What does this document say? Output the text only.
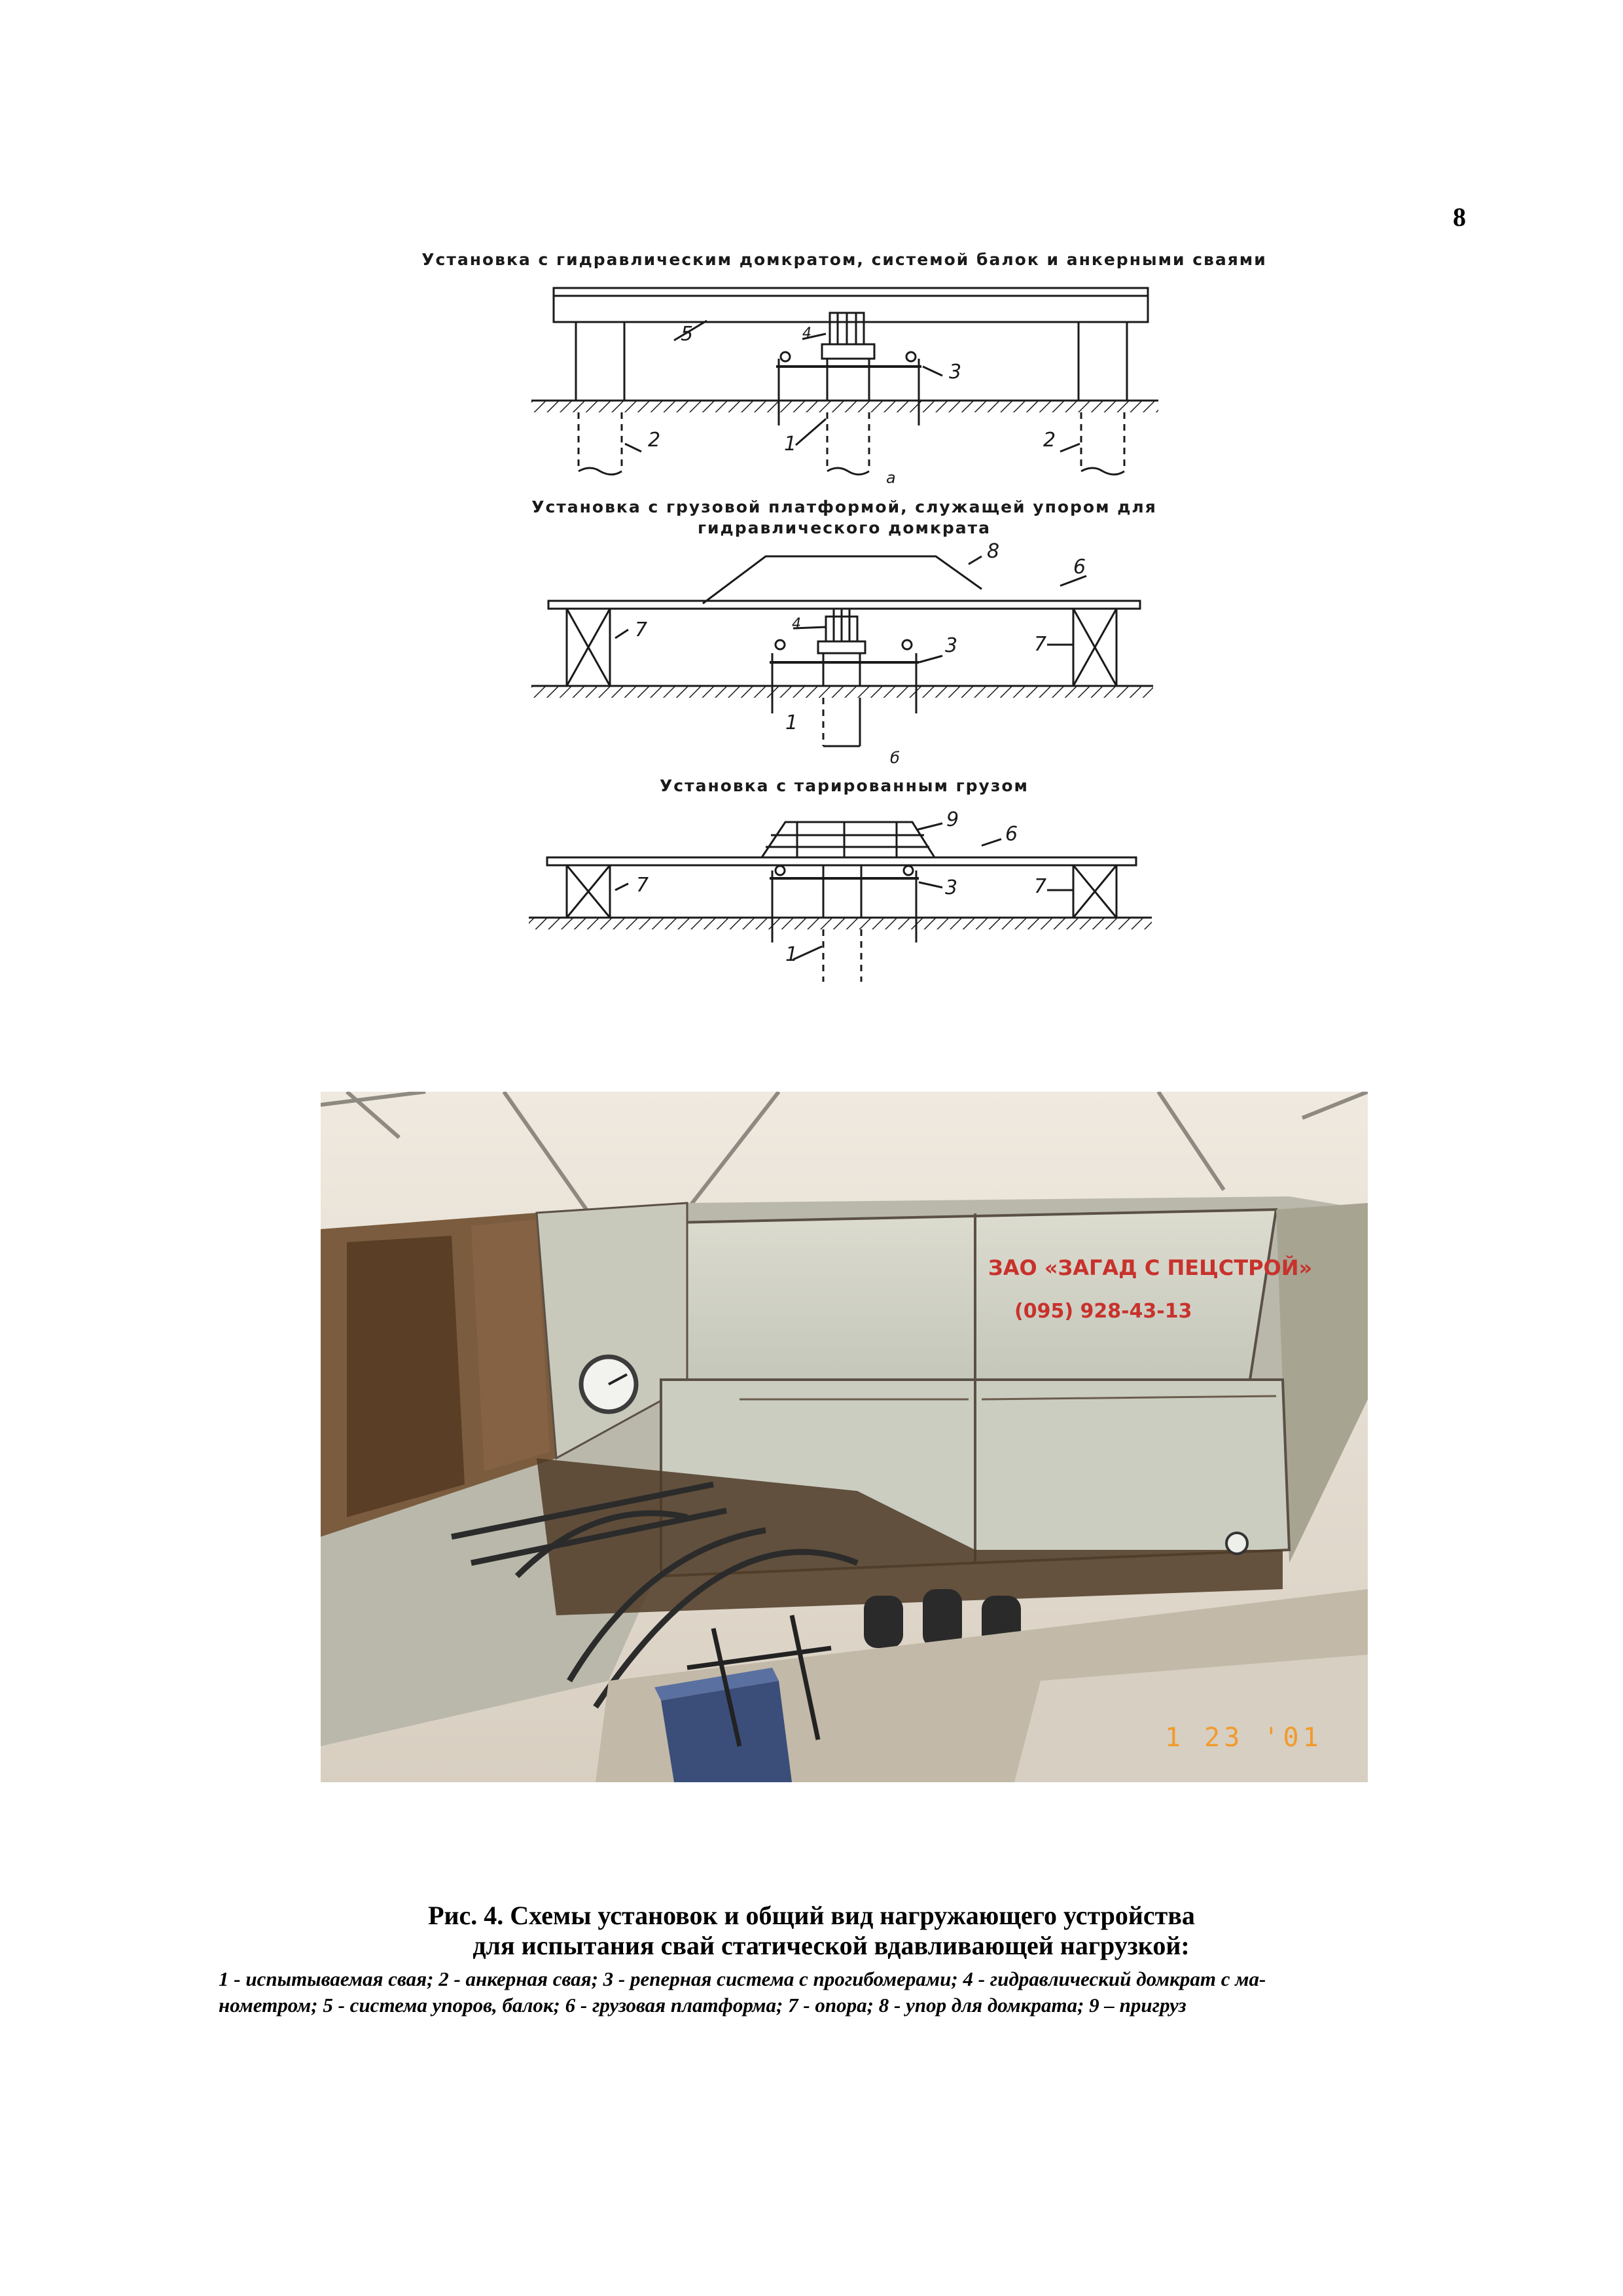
8
Установка с гидравлическим домкратом, системой балок и анкерными сваями
Установка с грузовой платформой, служащей упором для
гидравлического домкрата
Установка с тарированным грузом
5	4
3
2	2
1
а
8
6
4
7
7
3
1
б
9
6
7	7
3
1
ЗАО «ЗАГАД С ПЕЦСТРОЙ»
(095) 928-43-13
1 23 '01
Рис. 4. Схемы установок и общий вид нагружающего устройства
для испытания свай статической вдавливающей нагрузкой:
1 - испытываемая свая; 2 - анкерная свая; 3 - реперная система с прогибомерами; 4 - гидравлический домкрат с ма-
нометром; 5 - система упоров, балок; 6 - грузовая платформа; 7 - опора; 8 - упор для домкрата; 9 – пригруз
